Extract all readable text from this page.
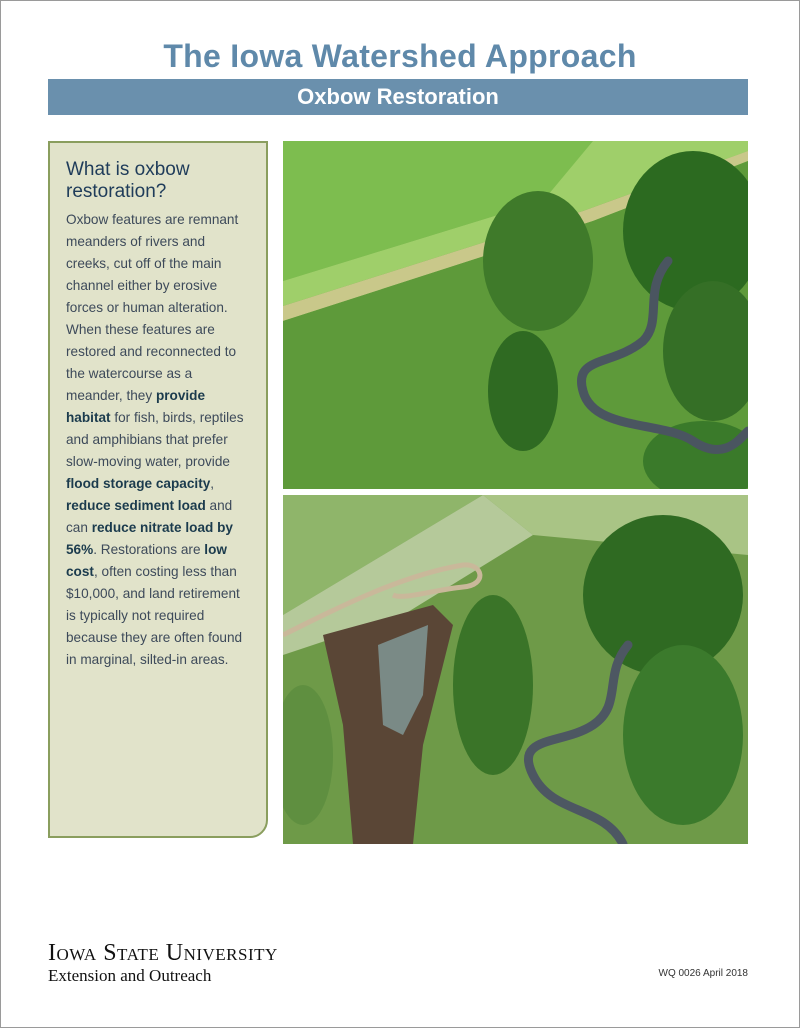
The Iowa Watershed Approach
Oxbow Restoration
What is oxbow restoration?

Oxbow features are remnant meanders of rivers and creeks, cut off of the main channel either by erosive forces or human alteration. When these features are restored and reconnected to the watercourse as a meander, they provide habitat for fish, birds, reptiles and amphibians that prefer slow-moving water, provide flood storage capacity, reduce sediment load and can reduce nitrate load by 56%. Restorations are low cost, often costing less than $10,000, and land retirement is typically not required because they are often found in marginal, silted-in areas.

Iowa State University
Extension and Outreach	WQ 0026 April 2018
